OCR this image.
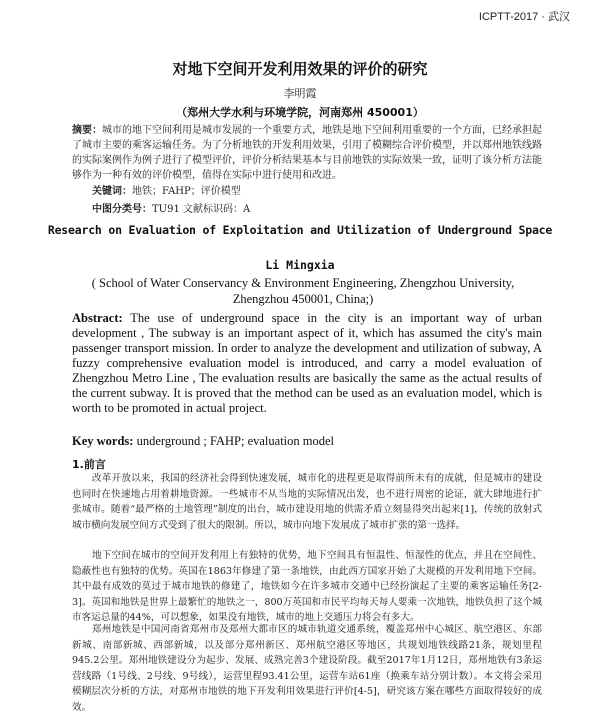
ICPTT-2017 · 武汉
对地下空间开发利用效果的评价的研究
李明霞
（郑州大学水利与环境学院，河南郑州 450001）
摘要：城市的地下空间利用是城市发展的一个重要方式，地铁是地下空间利用重要的一个方面，已经承担起了城市主要的乘客运输任务。为了分析地铁的开发利用效果，引用了模糊综合评价模型，并以郑州地铁线路的实际案例作为例子进行了模型评价，评价分析结果基本与目前地铁的实际效果一致，证明了该分析方法能够作为一种有效的评价模型，值得在实际中进行使用和改进。
关键词：地铁；FAHP；评价模型
中图分类号：TU91 文献标识码：A
Research on Evaluation of Exploitation and Utilization of Underground Space
Li Mingxia
( School of Water Conservancy & Environment Engineering, Zhengzhou University, Zhengzhou 450001, China;)
Abstract: The use of underground space in the city is an important way of urban development , The subway is an important aspect of it, which has assumed the city's main passenger transport mission. In order to analyze the development and utilization of subway, A fuzzy comprehensive evaluation model is introduced, and carry a model evaluation of Zhengzhou Metro Line , The evaluation results are basically the same as the actual results of the current subway. It is proved that the method can be used as an evaluation model, which is worth to be promoted in actual project.
Key words: underground ; FAHP; evaluation model
1.前言
改革开放以来，我国的经济社会得到快速发展，城市化的进程更是取得前所未有的成就，但是城市的建设也同时在快速地占用着耕地资源。一些城市不从当地的实际情况出发，也不进行周密的论证，就大肆地进行扩张城市。随着“最严格的土地管理”制度的出台，城市建设用地的供需矛盾立刻显得突出起来[1]，传统的放射式城市横向发展空间方式受到了很大的限制。所以，城市向地下发展成了城市扩张的第一选择。
地下空间在城市的空间开发利用上有独特的优势，地下空间具有恒温性、恒湿性的优点，并且在空间性、隐蔽性也有独特的优势。英国在1863年修建了第一条地铁，由此西方国家开始了大规模的开发利用地下空间。其中最有成效的莫过于城市地铁的修建了，地铁如今在许多城市交通中已经扮演起了主要的乘客运输任务[2-3]。英国和地铁是世界上最繁忙的地铁之一，800万英国和市民平均每天每人要乘一次地铁，地铁负担了这个城市客运总量的44%，可以想象，如果没有地铁，城市的地上交通压力将会有多大。
郑州地铁是中国河南省郑州市及郑州大都市区的城市轨道交通系统，覆盖郑州中心城区、航空港区、东部新城、南部新城、西部新城，以及部分郑州新区、郑州航空港区等地区，共规划地铁线路21条，规划里程945.2公里。郑州地铁建设分为起步、发展、成熟完善3个建设阶段。截至2017年1月12日，郑州地铁有3条运营线路（1号线、2号线、9号线），运营里程93.41公里，运营车站61座（换乘车站分别计数）。本文将会采用模糊层次分析的方法，对郑州市地铁的地下开发利用效果进行评价[4-5]，研究该方案在哪些方面取得较好的成效。
